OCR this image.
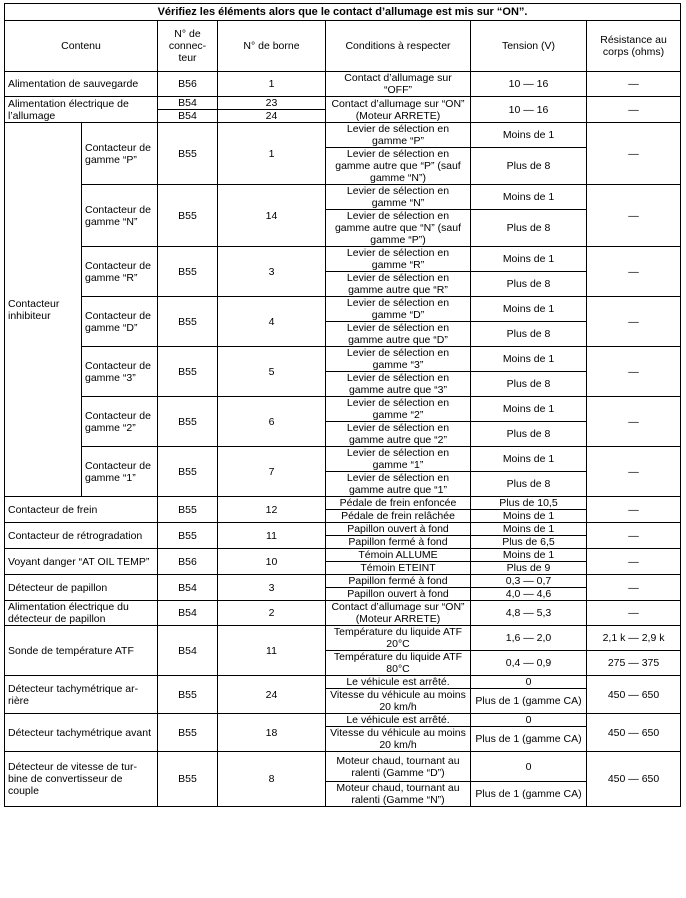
Vérifiez les éléments alors que le contact d’allumage est mis sur “ON”.						
Contenu		N° de connec- teur	N° de borne	Conditions à respecter	Tension (V)	Résistance au corps (ohms)
Alimentation de sauvegarde		B56	1	Contact d’allumage sur “OFF”	10 — 16	—
Alimentation électrique de l’allumage		B54	23	Contact d’allumage sur “ON” (Moteur ARRETE)	10 — 16	—
		B54	24			
Contacteur inhibiteur	Contacteur de gamme “P”	B55	1	Levier de sélection en gamme “P”	Moins de 1	—
				Levier de sélection en gamme autre que “P” (sauf gamme “N”)	Plus de 8	
	Contacteur de gamme “N”	B55	14	Levier de sélection en gamme “N”	Moins de 1	—
				Levier de sélection en gamme autre que “N” (sauf gamme “P”)	Plus de 8	
	Contacteur de gamme “R”	B55	3	Levier de sélection en gamme “R”	Moins de 1	—
				Levier de sélection en gamme autre que “R”	Plus de 8	
	Contacteur de gamme “D”	B55	4	Levier de sélection en gamme “D”	Moins de 1	—
				Levier de sélection en gamme autre que “D”	Plus de 8	
	Contacteur de gamme “3”	B55	5	Levier de sélection en gamme “3”	Moins de 1	—
				Levier de sélection en gamme autre que “3”	Plus de 8	
	Contacteur de gamme “2”	B55	6	Levier de sélection en gamme “2”	Moins de 1	—
				Levier de sélection en gamme autre que “2”	Plus de 8	
	Contacteur de gamme “1”	B55	7	Levier de sélection en gamme “1”	Moins de 1	—
				Levier de sélection en gamme autre que “1”	Plus de 8	
Contacteur de frein		B55	12	Pédale de frein enfoncée	Plus de 10,5	—
				Pédale de frein relâchée	Moins de 1	
Contacteur de rétrogradation		B55	11	Papillon ouvert à fond	Moins de 1	—
				Papillon fermé à fond	Plus de 6,5	
Voyant danger “AT OIL TEMP”		B56	10	Témoin ALLUME	Moins de 1	—
				Témoin ETEINT	Plus de 9	
Détecteur de papillon		B54	3	Papillon fermé à fond	0,3 — 0,7	—
				Papillon ouvert à fond	4,0 — 4,6	
Alimentation électrique du détecteur de papillon		B54	2	Contact d’allumage sur “ON” (Moteur ARRETE)	4,8 — 5,3	—
Sonde de température ATF		B54	11	Température du liquide ATF 20°C	1,6 — 2,0	2,1 k — 2,9 k
				Température du liquide ATF 80°C	0,4 — 0,9	275 — 375
Détecteur tachymétrique ar- rière		B55	24	Le véhicule est arrêté.	0	450 — 650
				Vitesse du véhicule au moins 20 km/h	Plus de 1 (gamme CA)	
Détecteur tachymétrique avant		B55	18	Le véhicule est arrêté.	0	450 — 650
				Vitesse du véhicule au moins 20 km/h	Plus de 1 (gamme CA)	
Détecteur de vitesse de tur- bine de convertisseur de couple		B55	8	Moteur chaud, tournant au ralenti (Gamme “D”)	0	450 — 650
				Moteur chaud, tournant au ralenti (Gamme “N”)	Plus de 1 (gamme CA)	
